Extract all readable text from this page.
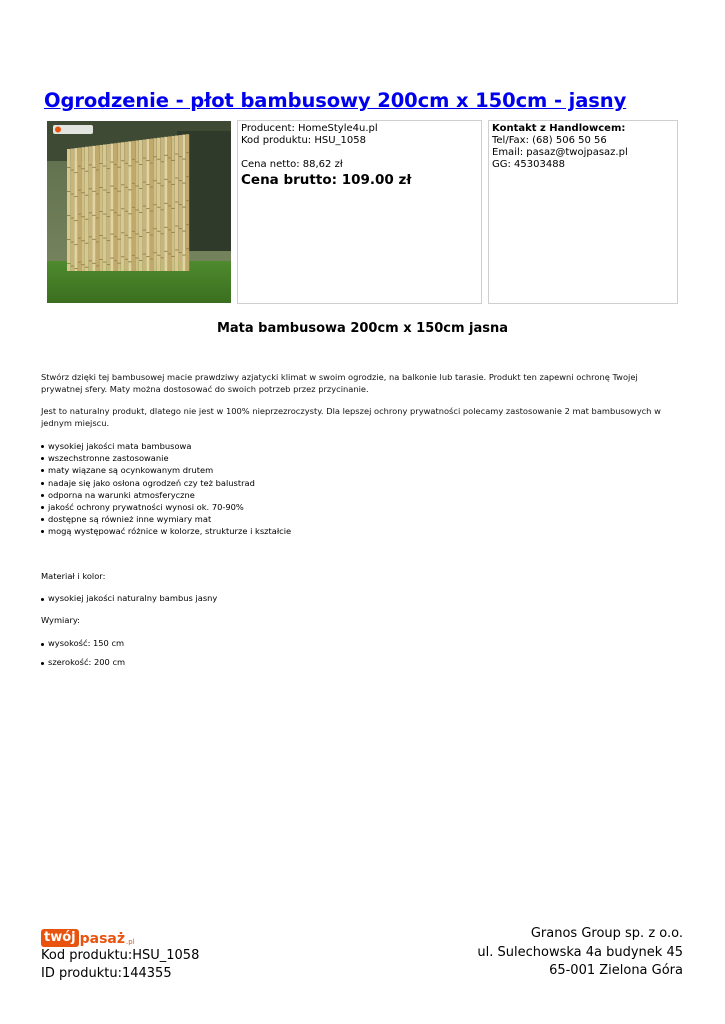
Ogrodzenie - płot bambusowy 200cm x 150cm - jasny
Producent: HomeStyle4u.pl
Kod produktu: HSU_1058
Cena netto: 88,62 zł
Cena brutto: 109.00 zł
Kontakt z Handlowcem:
Tel/Fax: (68) 506 50 56
Email: pasaz@twojpasaz.pl
GG: 45303488
Mata bambusowa 200cm x 150cm jasna
Stwórz dzięki tej bambusowej macie prawdziwy azjatycki klimat w swoim ogrodzie, na balkonie lub tarasie. Produkt ten zapewni ochronę Twojej prywatnej sfery. Maty można dostosować do swoich potrzeb przez przycinanie.
Jest to naturalny produkt, dlatego nie jest w 100% nieprzezroczysty. Dla lepszej ochrony prywatności polecamy zastosowanie 2 mat bambusowych w jednym miejscu.
wysokiej jakości mata bambusowa
wszechstronne zastosowanie
maty wiązane są ocynkowanym drutem
nadaje się jako osłona ogrodzeń czy też balustrad
odporna na warunki atmosferyczne
jakość ochrony prywatności wynosi ok. 70-90%
dostępne są również inne wymiary mat
mogą występować różnice w kolorze, strukturze i kształcie
Materiał i kolor:
wysokiej jakości naturalny bambus jasny
Wymiary:
wysokość: 150 cm
szerokość: 200 cm
twój pasaż .pl
Kod produktu:HSU_1058
ID produktu:144355
Granos Group sp. z o.o.
ul. Sulechowska 4a budynek 45
65-001 Zielona Góra
